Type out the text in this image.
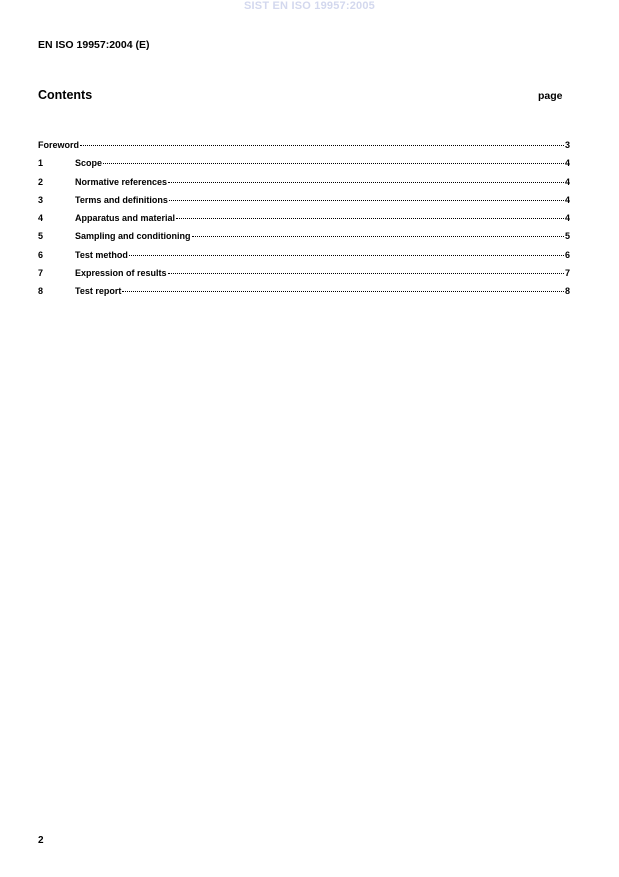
SIST EN ISO 19957:2005
EN ISO 19957:2004 (E)
Contents	page
Foreword	3
1	Scope	4
2	Normative references	4
3	Terms and definitions	4
4	Apparatus and material	4
5	Sampling and conditioning	5
6	Test method	6
7	Expression of results	7
8	Test report	8
2
